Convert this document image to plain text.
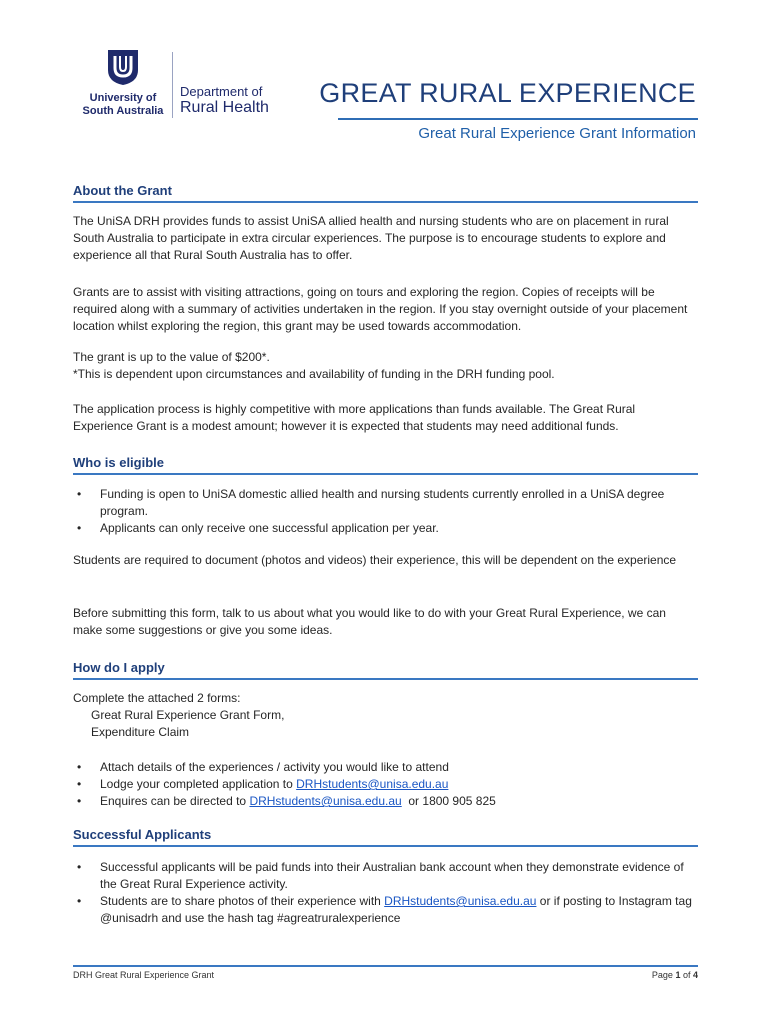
University of
South Australia
Department of
Rural Health GREAT RURAL EXPERIENCE
Great Rural Experience Grant Information
About the Grant

The UniSA DRH provides funds to assist UniSA allied health and nursing students who are on placement in rural South Australia to participate in extra circular experiences. The purpose is to encourage students to explore and experience all that Rural South Australia has to offer.

Grants are to assist with visiting attractions, going on tours and exploring the region. Copies of receipts will be required along with a summary of activities undertaken in the region. If you stay overnight outside of your placement location whilst exploring the region, this grant may be used towards accommodation.

The grant is up to the value of $200*.
*This is dependent upon circumstances and availability of funding in the DRH funding pool.

The application process is highly competitive with more applications than funds available. The Great Rural Experience Grant is a modest amount; however it is expected that students may need additional funds.

Who is eligible
• Funding is open to UniSA domestic allied health and nursing students currently enrolled in a UniSA degree program.
• Applicants can only receive one successful application per year.

Students are required to document (photos and videos) their experience, this will be dependent on the experience

Before submitting this form, talk to us about what you would like to do with your Great Rural Experience, we can make some suggestions or give you some ideas.

How do I apply

Complete the attached 2 forms:

Great Rural Experience Grant Form,
Expenditure Claim

• Attach details of the experiences / activity you would like to attend
• Lodge your completed application to DRHstudents@unisa.edu.au
• Enquires can be directed to DRHstudents@unisa.edu.au  or 1800 905 825
Successful Applicants
• Successful applicants will be paid funds into their Australian bank account when they demonstrate evidence of the Great Rural Experience activity.
• Students are to share photos of their experience with DRHstudents@unisa.edu.au or if posting to Instagram tag @unisadrh and use the hash tag #agreatruralexperience
DRH Great Rural Experience Grant	Page 1 of 4
